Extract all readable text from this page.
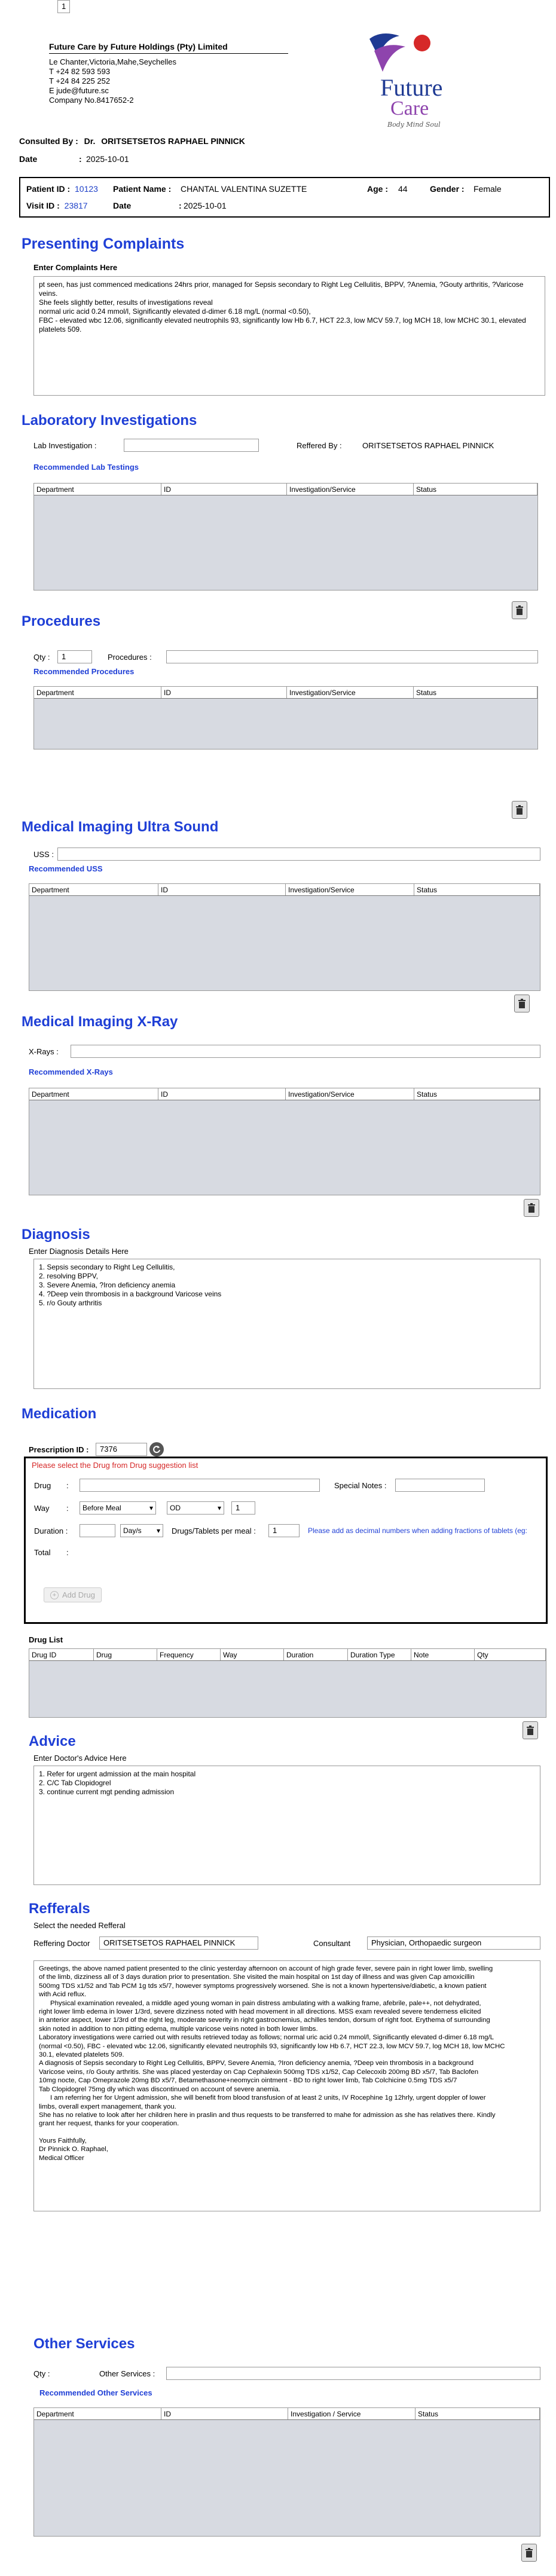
Future Care by Future Holdings (Pty) Limited
Le Chanter,Victoria,Mahe,Seychelles
T +24 82 593 593
T +24 84 225 252
E jude@future.sc
Company No.8417652-2	Future
Care
Body Mind Soul
Consulted By : Dr. ORITSETSETOS RAPHAEL PINNICK
Date	: 2025-10-01
Patient ID : 10123 Patient Name : CHANTAL VALENTINA SUZETTE	Age : 44	Gender : Female
Visit ID : 23817	Date	: 2025-10-01
Presenting Complaints
Enter Complaints Here
pt seen, has just commenced medications 24hrs prior, managed for Sepsis secondary to Right Leg Cellulitis, BPPV, ?Anemia, ?Gouty arthritis, ?Varicose veins.
She feels slightly better, results of investigations reveal
normal uric acid 0.24 mmol/l, Significantly elevated d-dimer 6.18 mg/L (normal <0.50),
FBC - elevated wbc 12.06, significantly elevated neutrophils 93, significantly low Hb 6.7, HCT 22.3, low MCV 59.7, log MCH 18, low MCHC 30.1, elevated platelets 509.
Laboratory Investigations
Lab Investigation :	Reffered By :	ORITSETSETOS RAPHAEL PINNICK
Recommended Lab Testings
Department	ID	Investigation/Service	Status
Procedures
Qty :	1	Procedures :
Recommended Procedures
Department	ID	Investigation/Service	Status
Medical Imaging Ultra Sound
USS :
Recommended USS
Department	ID	Investigation/Service	Status
Medical Imaging X-Ray
X-Rays :
Recommended X-Rays
Department	ID	Investigation/Service	Status
Diagnosis
Enter Diagnosis Details Here
1. Sepsis secondary to Right Leg Cellulitis,
2. resolving BPPV,
3. Severe Anemia, ?Iron deficiency anemia
4. ?Deep vein thrombosis in a background Varicose veins
5. r/o Gouty arthritis
Medication
Prescription ID :	7376
Please select the Drug from Drug suggestion list
Drug :	Special Notes :
Way : Before Meal	▾ OD	▾	1
Duration :	Day/s ▾ Drugs/Tablets per meal :	1	Please add as decimal numbers when adding fractions of tablets (eg:
Total :
+ Add Drug
Drug List
Drug ID	Drug	Frequency	Way	Duration	Duration Type	Note	Qty
Advice
Enter Doctor's Advice Here
1. Refer for urgent admission at the main hospital
2. C/C Tab Clopidogrel
3. continue current mgt pending admission
Refferals
Select the needed Refferal
Reffering Doctor	ORITSETSETOS RAPHAEL PINNICK	Consultant	Physician, Orthopaedic surgeon
Greetings, the above named patient presented to the clinic yesterday afternoon on account of high grade fever, severe pain in right lower limb, swelling
of the limb, dizziness all of 3 days duration prior to presentation. She visited the main hospital on 1st day of illness and was given Cap amoxicillin
500mg TDS x1/52 and Tab PCM 1g tds x5/7, however symptoms progressively worsened. She is not a known hypertensive/diabetic, a known patient
with Acid reflux.
Physical examination revealed, a middle aged young woman in pain distress ambulating with a walking frame, afebrile, pale++, not dehydrated,
right lower limb edema in lower 1/3rd, severe dizziness noted with head movement in all directions. MSS exam revealed severe tenderness elicited
in anterior aspect, lower 1/3rd of the right leg, moderate severity in right gastrocnemius, achilles tendon, dorsum of right foot. Erythema of surrounding
skin noted in addition to non pitting edema, multiple varicose veins noted in both lower limbs.
Laboratory investigations were carried out with results retrieved today as follows; normal uric acid 0.24 mmol/l, Significantly elevated d-dimer 6.18 mg/L
(normal <0.50), FBC - elevated wbc 12.06, significantly elevated neutrophils 93, significantly low Hb 6.7, HCT 22.3, low MCV 59.7, log MCH 18, low MCHC
30.1, elevated platelets 509.
A diagnosis of Sepsis secondary to Right Leg Cellulitis, BPPV, Severe Anemia, ?Iron deficiency anemia, ?Deep vein thrombosis in a background
Varicose veins, r/o Gouty arthritis. She was placed yesterday on Cap Cephalexin 500mg TDS x1/52, Cap Celecoxib 200mg BD x5/7, Tab Baclofen
10mg nocte, Cap Omeprazole 20mg BD x5/7, Betamethasone+neomycin ointment - BD to right lower limb, Tab Colchicine 0.5mg TDS x5/7
Tab Clopidogrel 75mg dly which was discontinued on account of severe anemia.
I am referring her for Urgent admission, she will benefit from blood transfusion of at least 2 units, IV Rocephine 1g 12hrly, urgent doppler of lower
limbs, overall expert management, thank you.
She has no relative to look after her children here in praslin and thus requests to be transferred to mahe for admission as she has relatives there. Kindly
grant her request, thanks for your cooperation.
Yours Faithfully,
Dr Pinnick O. Raphael,
Medical Officer
Other Services
Qty :
1
Other Services :
Recommended Other Services
Department	ID	Investigation / Service	Status
